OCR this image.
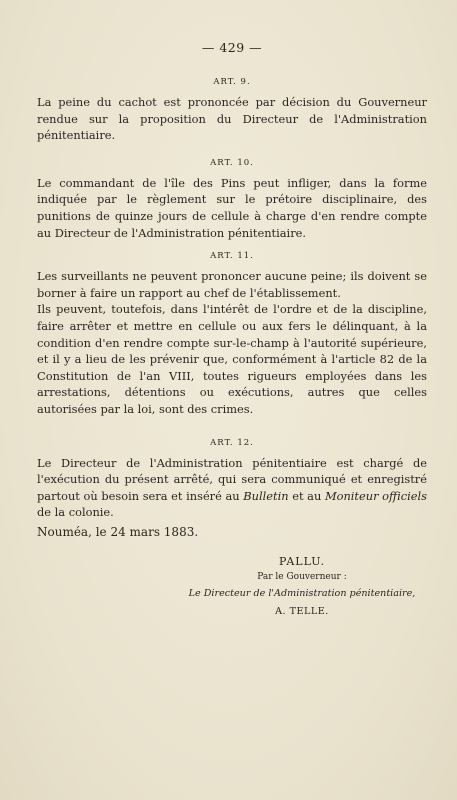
— 429 —
ART. 9.

La peine du cachot est prononcée par décision du Gouverneur rendue sur la proposition du Directeur de l'Administration pénitentiaire.

ART. 10.

Le commandant de l'île des Pins peut infliger, dans la forme indiquée par le règlement sur le prétoire disciplinaire, des punitions de quinze jours de cellule à charge d'en rendre compte au Directeur de l'Administration pénitentiaire.

ART. 11.

Les surveillants ne peuvent prononcer aucune peine; ils doivent se borner à faire un rapport au chef de l'établissement.

Ils peuvent, toutefois, dans l'intérêt de l'ordre et de la discipline, faire arrêter et mettre en cellule ou aux fers le délinquant, à la condition d'en rendre compte sur-le-champ à l'autorité supérieure, et il y a lieu de les prévenir que, conformément à l'article 82 de la Constitution de l'an VIII, toutes rigueurs employées dans les arrestations, détentions ou exécutions, autres que celles autorisées par la loi, sont des crimes.

ART. 12.

Le Directeur de l'Administration pénitentiaire est chargé de l'exécution du présent arrêté, qui sera communiqué et enregistré partout où besoin sera et inséré au Bulletin et au Moniteur officiels de la colonie.

Nouméa, le 24 mars 1883.

PALLU.
Par le Gouverneur :
Le Directeur de l'Administration pénitentiaire,
A. TELLE.
